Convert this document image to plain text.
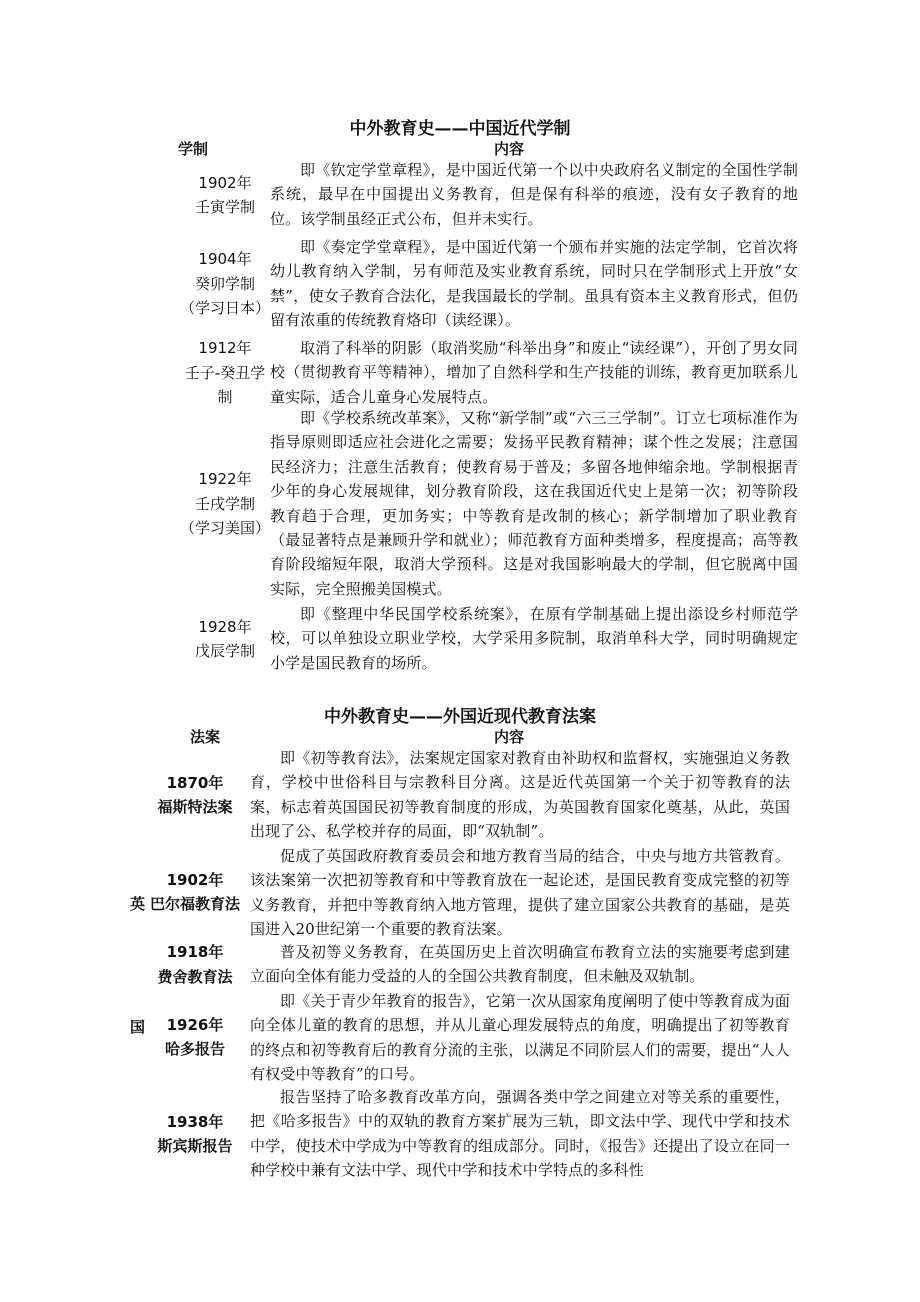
中外教育史——中国近代学制
学制	内容
1902年
壬寅学制

即《钦定学堂章程》，是中国近代第一个以中央政府名义制定的全国性学制系统，最早在中国提出义务教育，但是保有科举的痕迹，没有女子教育的地位。该学制虽经正式公布，但并未实行。

1904年
癸卯学制
（学习日本）

即《奏定学堂章程》，是中国近代第一个颁布并实施的法定学制，它首次将幼儿教育纳入学制，另有师范及实业教育系统，同时只在学制形式上开放“女禁”，使女子教育合法化，是我国最长的学制。虽具有资本主义教育形式，但仍留有浓重的传统教育烙印（读经课）。

1912年
壬子-癸丑学
制

取消了科举的阴影（取消奖励“科举出身”和废止“读经课”），开创了男女同校（贯彻教育平等精神），增加了自然科学和生产技能的训练，教育更加联系儿童实际，适合儿童身心发展特点。

1922年
壬戌学制
（学习美国）

即《学校系统改革案》，又称“新学制”或“六三三学制”。订立七项标准作为指导原则即适应社会进化之需要；发扬平民教育精神；谋个性之发展；注意国民经济力；注意生活教育；使教育易于普及；多留各地伸缩余地。学制根据青少年的身心发展规律，划分教育阶段，这在我国近代史上是第一次；初等阶段教育趋于合理，更加务实；中等教育是改制的核心；新学制增加了职业教育（最显著特点是兼顾升学和就业）；师范教育方面种类增多，程度提高；高等教育阶段缩短年限，取消大学预科。这是对我国影响最大的学制，但它脱离中国实际，完全照搬美国模式。

1928年
戊辰学制

即《整理中华民国学校系统案》，在原有学制基础上提出添设乡村师范学校，可以单独设立职业学校，大学采用多院制，取消单科大学，同时明确规定小学是国民教育的场所。

中外教育史——外国近现代教育法案
法案	内容
英
国
1870年
福斯特法案

即《初等教育法》，法案规定国家对教育由补助权和监督权，实施强迫义务教育，学校中世俗科目与宗教科目分离。这是近代英国第一个关于初等教育的法案，标志着英国国民初等教育制度的形成，为英国教育国家化奠基，从此，英国出现了公、私学校并存的局面，即“双轨制”。

1902年
巴尔福教育法

促成了英国政府教育委员会和地方教育当局的结合，中央与地方共管教育。该法案第一次把初等教育和中等教育放在一起论述，是国民教育变成完整的初等义务教育，并把中等教育纳入地方管理，提供了建立国家公共教育的基础，是英国进入20世纪第一个重要的教育法案。

1918年
费舍教育法

普及初等义务教育，在英国历史上首次明确宣布教育立法的实施要考虑到建立面向全体有能力受益的人的全国公共教育制度，但未触及双轨制。

1926年
哈多报告

即《关于青少年教育的报告》，它第一次从国家角度阐明了使中等教育成为面向全体儿童的教育的思想，并从儿童心理发展特点的角度，明确提出了初等教育的终点和初等教育后的教育分流的主张，以满足不同阶层人们的需要，提出“人人有权受中等教育”的口号。

1938年
斯宾斯报告

报告坚持了哈多教育改革方向，强调各类中学之间建立对等关系的重要性，把《哈多报告》中的双轨的教育方案扩展为三轨，即文法中学、现代中学和技术中学，使技术中学成为中等教育的组成部分。同时，《报告》还提出了设立在同一种学校中兼有文法中学、现代中学和技术中学特点的多科性
